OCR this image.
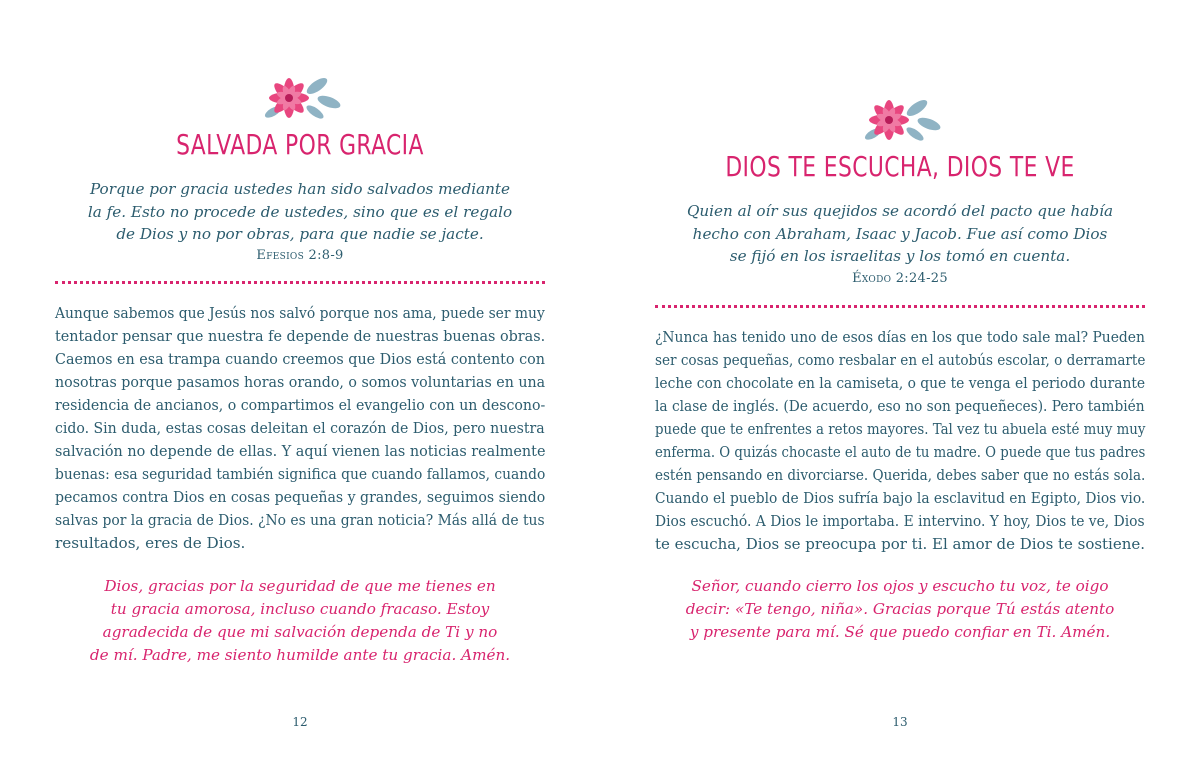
SALVADA POR GRACIA
Porque por gracia ustedes han sido salvados mediante
la fe. Esto no procede de ustedes, sino que es el regalo
de Dios y no por obras, para que nadie se jacte.
Efesios 2:8-9
Aunque sabemos que Jesús nos salvó porque nos ama, puede ser muy
tentador pensar que nuestra fe depende de nuestras buenas obras.
Caemos en esa trampa cuando creemos que Dios está contento con
nosotras porque pasamos horas orando, o somos voluntarias en una
residencia de ancianos, o compartimos el evangelio con un descono-
cido. Sin duda, estas cosas deleitan el corazón de Dios, pero nuestra
salvación no depende de ellas. Y aquí vienen las noticias realmente
buenas: esa seguridad también significa que cuando fallamos, cuando
pecamos contra Dios en cosas pequeñas y grandes, seguimos siendo
salvas por la gracia de Dios. ¿No es una gran noticia? Más allá de tus
resultados, eres de Dios.
Dios, gracias por la seguridad de que me tienes en
tu gracia amorosa, incluso cuando fracaso. Estoy
agradecida de que mi salvación dependa de Ti y no
de mí. Padre, me siento humilde ante tu gracia. Amén.
12
DIOS TE ESCUCHA, DIOS TE VE
Quien al oír sus quejidos se acordó del pacto que había
hecho con Abraham, Isaac y Jacob. Fue así como Dios
se fijó en los israelitas y los tomó en cuenta.
Éxodo 2:24-25
¿Nunca has tenido uno de esos días en los que todo sale mal? Pueden
ser cosas pequeñas, como resbalar en el autobús escolar, o derramarte
leche con chocolate en la camiseta, o que te venga el periodo durante
la clase de inglés. (De acuerdo, eso no son pequeñeces). Pero también
puede que te enfrentes a retos mayores. Tal vez tu abuela esté muy muy
enferma. O quizás chocaste el auto de tu madre. O puede que tus padres
estén pensando en divorciarse. Querida, debes saber que no estás sola.
Cuando el pueblo de Dios sufría bajo la esclavitud en Egipto, Dios vio.
Dios escuchó. A Dios le importaba. E intervino. Y hoy, Dios te ve, Dios
te escucha, Dios se preocupa por ti. El amor de Dios te sostiene.
Señor, cuando cierro los ojos y escucho tu voz, te oigo
decir: «Te tengo, niña». Gracias porque Tú estás atento
y presente para mí. Sé que puedo confiar en Ti. Amén.
13
